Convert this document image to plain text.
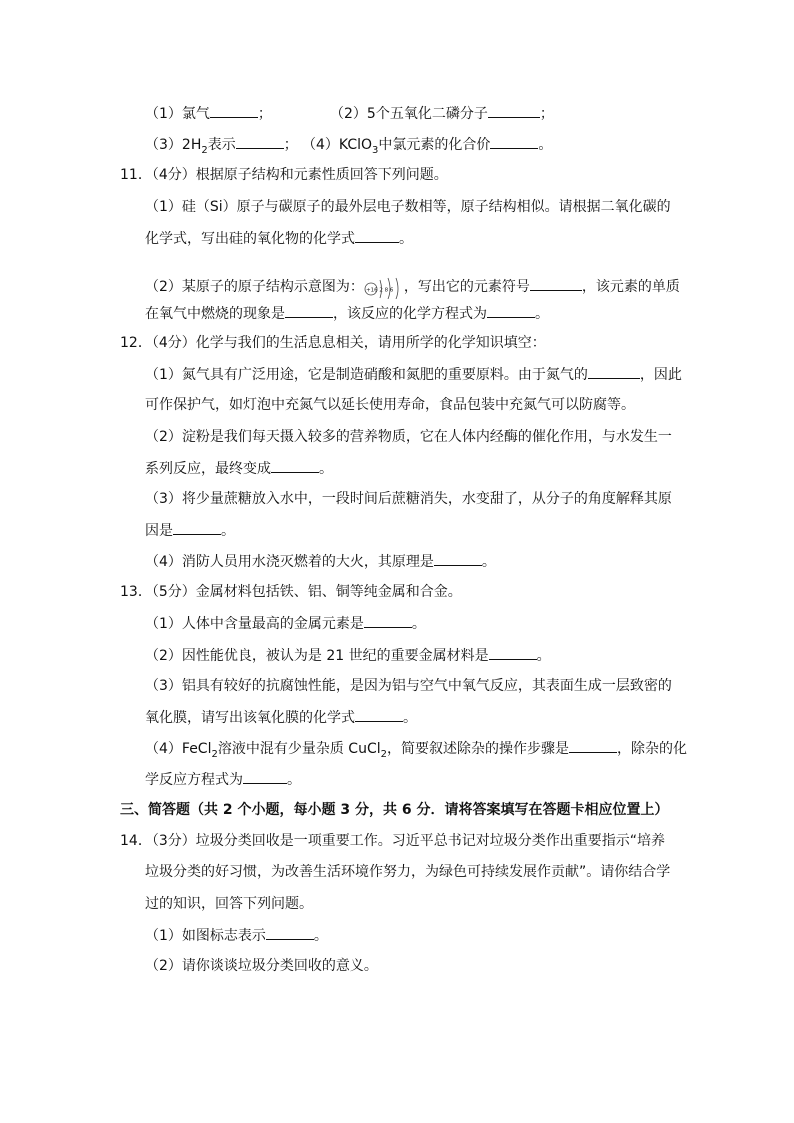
（1）氯气	；	（2）5个五氧化二磷分子	；
$(3)2H_2$表示	； （4）KClO$_3$中氯元素的化合价	。
11．（4分）根据原子结构和元素性质回答下列问题。
（1）硅（Si）原子与碳原子的最外层电子数相等，原子结构相似。请根据二氧化碳的
化学式，写出硅的氧化物的化学式	。
（2）某原子的原子结构示意图为： +16 2 8 6 ，写出它的元素符号	，该元素的单质
在氧气中燃烧的现象是	，该反应的化学方程式为	。
12．（4分）化学与我们的生活息息相关，请用所学的化学知识填空：
（1）氮气具有广泛用途，它是制造硝酸和氮肥的重要原料。由于氮气的	，因此
可作保护气，如灯泡中充氮气以延长使用寿命，食品包装中充氮气可以防腐等。
（2）淀粉是我们每天摄入较多的营养物质，它在人体内经酶的催化作用，与水发生一
系列反应，最终变成	。
（3）将少量蔗糖放入水中，一段时间后蔗糖消失，水变甜了，从分子的角度解释其原
因是	。
（4）消防人员用水浇灭燃着的大火，其原理是	。
13．（5分）金属材料包括铁、铝、铜等纯金属和合金。
（1）人体中含量最高的金属元素是	。
（2）因性能优良，被认为是 21 世纪的重要金属材料是	。
（3）铝具有较好的抗腐蚀性能，是因为铝与空气中氧气反应，其表面生成一层致密的
氧化膜，请写出该氧化膜的化学式	。
（4）FeCl$_2$溶液中混有少量杂质 CuCl$_2$，简要叙述除杂的操作步骤是	，除杂的化
学反应方程式为	。
三、简答题（共 2 个小题，每小题 3 分，共 6 分．请将答案填写在答题卡相应位置上）
14．（3分）垃圾分类回收是一项重要工作。习近平总书记对垃圾分类作出重要指示“培养
垃圾分类的好习惯，为改善生活环境作努力，为绿色可持续发展作贡献”。请你结合学
过的知识，回答下列问题。
（1）如图标志表示	。
（2）请你谈谈垃圾分类回收的意义。
